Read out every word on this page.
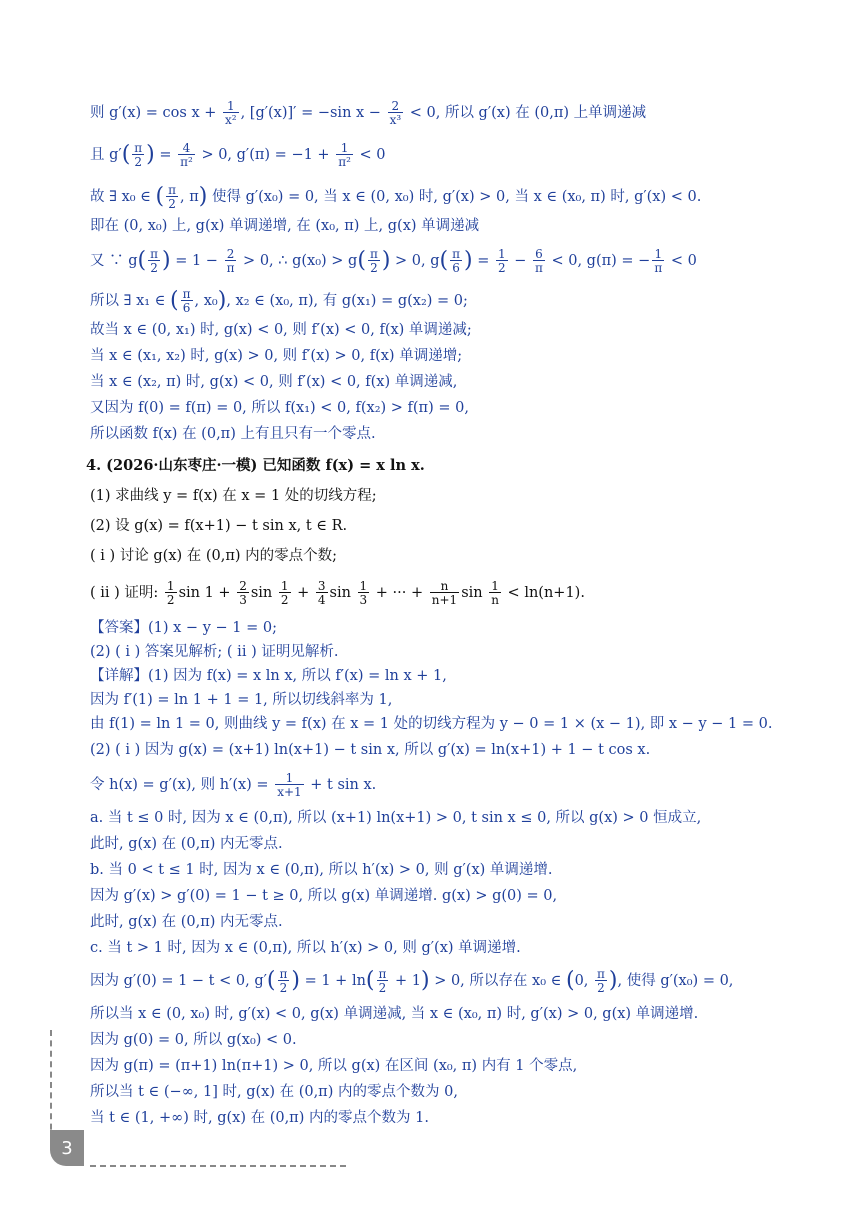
则 $g'(x) = \cos x + \frac{1}{\text{x²}}$ , [g′(x)]′ = −sin $x - \frac{2}{\text{x³}} < 0$, 所以 g′(x) 在 (0,π) 上单调递减
且 $g'( \frac{\pi}{2}$ ) = $\frac{4}{\text{π²}} > 0$, $g'(\pi) = -1 + \frac{1}{\text{π²}} < 0$
故 ∃ x₀ ∈ ( $\frac{\pi}{2}$ , π) 使得 g′(x₀) = 0, 当 x ∈ (0, x₀) 时, g′(x) > 0, 当 x ∈ (x₀, π) 时, g′(x) < 0.
即在 (0, x₀) 上, g(x) 单调递增, 在 (x₀, π) 上, g(x) 单调递减
又 ∵ $g( \frac{\pi}{2}$ ) = $1 - \frac{2}{\pi} > 0$, ∴ $g(x_0) > g( \frac{\pi}{2}$ ) > 0, $g( \frac{\pi}{6}$ ) = $\frac{1}{2} - \frac{6}{\pi} < 0$, g(π) = − $\frac{1}{\pi} < 0$
所以 ∃ x₁ ∈ ( $\frac{\pi}{6}$ , x₀), x₂ ∈ (x₀, π), 有 g(x₁) = g(x₂) = 0;
故当 x ∈ (0, x₁) 时, g(x) < 0, 则 f′(x) < 0, f(x) 单调递减;
当 x ∈ (x₁, x₂) 时, g(x) > 0, 则 f′(x) > 0, f(x) 单调递增;
当 x ∈ (x₂, π) 时, g(x) < 0, 则 f′(x) < 0, f(x) 单调递减,
又因为 f(0) = f(π) = 0, 所以 f(x₁) < 0, f(x₂) > f(π) = 0,
所以函数 f(x) 在 (0,π) 上有且只有一个零点.
4. (2026·山东枣庄·一模) 已知函数 f(x) = x ln x.
(1) 求曲线 y = f(x) 在 x = 1 处的切线方程;
(2) 设 g(x) = f(x+1) − t sin x, t ∈ R.
( i ) 讨论 g(x) 在 (0,π) 内的零点个数;
( ii ) 证明: $\frac{1}{2}$ $\sin 1 + \frac{2}{3}$ $\sin \frac{1}{2} + \frac{3}{4}$ $\sin \frac{1}{3}$ + ··· + $\frac{n}{n+1}$ $\sin \frac{1}{n} < \ln(n+1)$.
【答案】(1) x − y − 1 = 0;
(2) ( i ) 答案见解析; ( ii ) 证明见解析.
【详解】(1) 因为 f(x) = x ln x, 所以 f′(x) = ln x + 1,
因为 f′(1) = ln 1 + 1 = 1, 所以切线斜率为 1,
由 f(1) = ln 1 = 0, 则曲线 y = f(x) 在 x = 1 处的切线方程为 y − 0 = 1 × (x − 1), 即 x − y − 1 = 0.
(2) ( i ) 因为 g(x) = (x+1) ln(x+1) − t sin x, 所以 g′(x) = ln(x+1) + 1 − t cos x.
令 h(x) = g′(x), 则 $h'(x) = \frac{1}{x+1} + t$ sin x.
a. 当 t ≤ 0 时, 因为 x ∈ (0,π), 所以 (x+1) ln(x+1) > 0, t sin x ≤ 0, 所以 g(x) > 0 恒成立,
此时, g(x) 在 (0,π) 内无零点.
b. 当 0 < t ≤ 1 时, 因为 x ∈ (0,π), 所以 h′(x) > 0, 则 g′(x) 单调递增.
因为 g′(x) > g′(0) = 1 − t ≥ 0, 所以 g(x) 单调递增. g(x) > g(0) = 0,
此时, g(x) 在 (0,π) 内无零点.
c. 当 t > 1 时, 因为 x ∈ (0,π), 所以 h′(x) > 0, 则 g′(x) 单调递增.
因为 g′(0) = 1 − t < 0, $g'( \frac{\pi}{2}$ ) = $1 + \ln( \frac{\pi}{2} + 1) > 0$, 所以存在 x₀ ∈ (0, $\frac{\pi}{2}$ ), 使得 g′(x₀) = 0,
所以当 x ∈ (0, x₀) 时, g′(x) < 0, g(x) 单调递减, 当 x ∈ (x₀, π) 时, g′(x) > 0, g(x) 单调递增.
因为 g(0) = 0, 所以 g(x₀) < 0.
因为 g(π) = (π+1) ln(π+1) > 0, 所以 g(x) 在区间 (x₀, π) 内有 1 个零点,
所以当 t ∈ (−∞, 1] 时, g(x) 在 (0,π) 内的零点个数为 0,
当 t ∈ (1, +∞) 时, g(x) 在 (0,π) 内的零点个数为 1.
3
